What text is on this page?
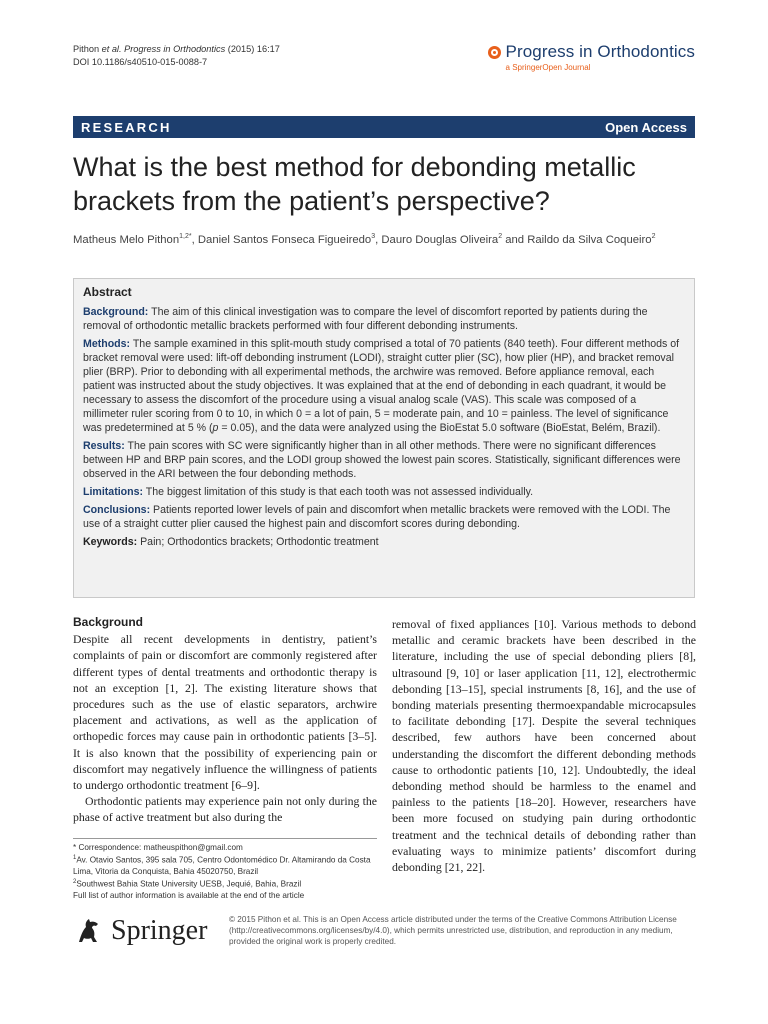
Pithon et al. Progress in Orthodontics (2015) 16:17
DOI 10.1186/s40510-015-0088-7
Progress in Orthodontics
a SpringerOpen Journal
RESEARCH	Open Access
What is the best method for debonding metallic brackets from the patient’s perspective?
Matheus Melo Pithon$^{1,2*}$, Daniel Santos Fonseca Figueiredo$^3$, Dauro Douglas Oliveira$^2$ and Raildo da Silva Coqueiro$^2$
Abstract

Background: The aim of this clinical investigation was to compare the level of discomfort reported by patients during the removal of orthodontic metallic brackets performed with four different debonding instruments.

Methods: The sample examined in this split-mouth study comprised a total of 70 patients (840 teeth). Four different methods of bracket removal were used: lift-off debonding instrument (LODI), straight cutter plier (SC), how plier (HP), and bracket removal plier (BRP). Prior to debonding with all experimental methods, the archwire was removed. Before appliance removal, each patient was instructed about the study objectives. It was explained that at the end of debonding in each quadrant, it would be necessary to assess the discomfort of the procedure using a visual analog scale (VAS). This scale was composed of a millimeter ruler scoring from 0 to 10, in which 0 = a lot of pain, 5 = moderate pain, and 10 = painless. The level of significance was predetermined at 5 % (p = 0.05), and the data were analyzed using the BioEstat 5.0 software (BioEstat, Belém, Brazil).

Results: The pain scores with SC were significantly higher than in all other methods. There were no significant differences between HP and BRP pain scores, and the LODI group showed the lowest pain scores. Statistically, significant differences were observed in the ARI between the four debonding methods.

Limitations: The biggest limitation of this study is that each tooth was not assessed individually.

Conclusions: Patients reported lower levels of pain and discomfort when metallic brackets were removed with the LODI. The use of a straight cutter plier caused the highest pain and discomfort scores during debonding.

Keywords: Pain; Orthodontics brackets; Orthodontic treatment

Background

Despite all recent developments in dentistry, patient’s complaints of pain or discomfort are commonly registered after different types of dental treatments and orthodontic therapy is not an exception [1, 2]. The existing literature shows that procedures such as the use of elastic separators, archwire placement and activations, as well as the application of orthopedic forces may cause pain in orthodontic patients [3–5]. It is also known that the possibility of experiencing pain or discomfort may negatively influence the willingness of patients to undergo orthodontic treatment [6–9].

Orthodontic patients may experience pain not only during the phase of active treatment but also during the

removal of fixed appliances [10]. Various methods to debond metallic and ceramic brackets have been described in the literature, including the use of special debonding pliers [8], ultrasound [9, 10] or laser application [11, 12], electrothermic debonding [13–15], special instruments [8, 16], and the use of bonding materials presenting thermoexpandable microcapsules to facilitate debonding [17]. Despite the several techniques described, few authors have been concerned about understanding the discomfort the different debonding methods cause to orthodontic patients [10, 12]. Undoubtedly, the ideal debonding method should be harmless to the enamel and painless to the patients [18–20]. However, researchers have been more focused on studying pain during orthodontic treatment and the technical details of debonding rather than evaluating ways to minimize patients’ discomfort during debonding [21, 22].

* Correspondence: matheuspithon@gmail.com
$^1$Av. Otavio Santos, 395 sala 705, Centro Odontomédico Dr. Altamirando da Costa Lima, Vitoria da Conquista, Bahia 45020750, Brazil
$^2$Southwest Bahia State University UESB, Jequié, Bahia, Brazil
Full list of author information is available at the end of the article
Springer	© 2015 Pithon et al. This is an Open Access article distributed under the terms of the Creative Commons Attribution License (http://creativecommons.org/licenses/by/4.0), which permits unrestricted use, distribution, and reproduction in any medium, provided the original work is properly credited.
